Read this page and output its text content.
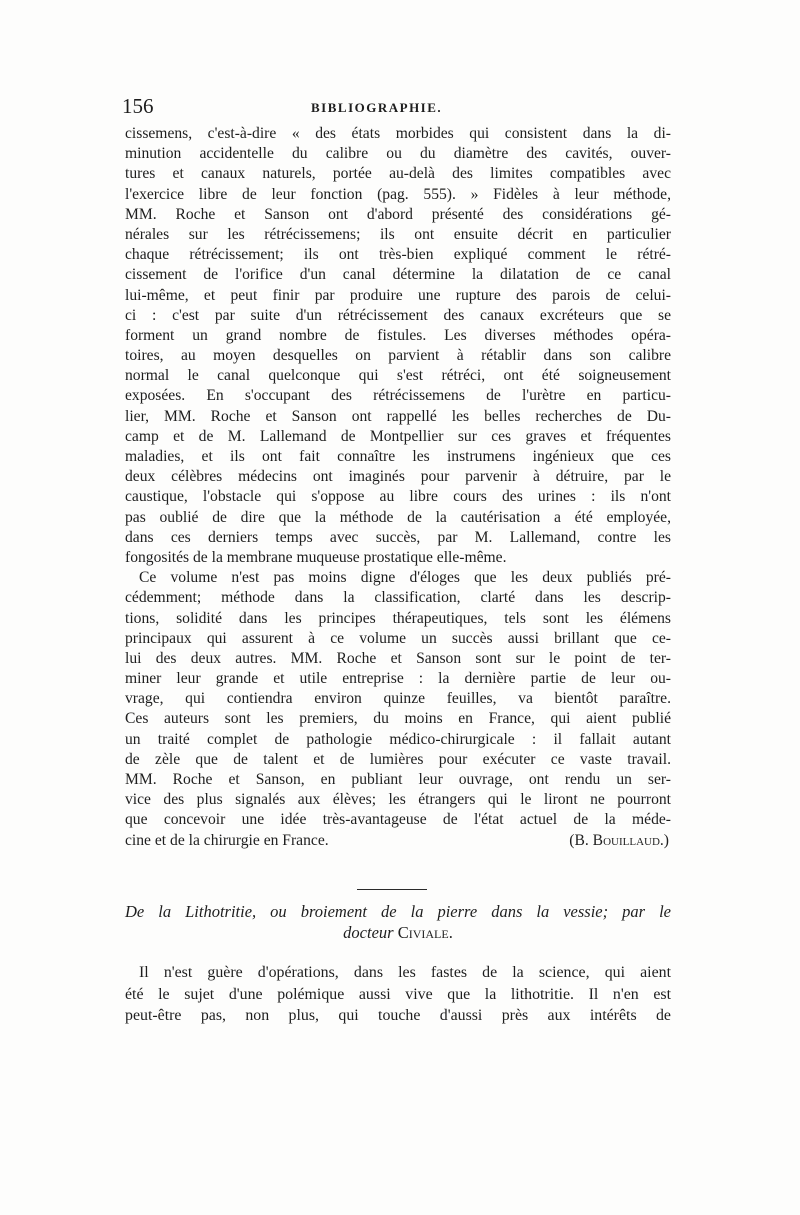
156	BIBLIOGRAPHIE.
cissemens, c'est-à-dire « des états morbides qui consistent dans la di-
minution accidentelle du calibre ou du diamètre des cavités, ouver-
tures et canaux naturels, portée au-delà des limites compatibles avec
l'exercice libre de leur fonction (pag. 555). » Fidèles à leur méthode,
MM. Roche et Sanson ont d'abord présenté des considérations gé-
nérales sur les rétrécissemens; ils ont ensuite décrit en particulier
chaque rétrécissement; ils ont très-bien expliqué comment le rétré-
cissement de l'orifice d'un canal détermine la dilatation de ce canal
lui-même, et peut finir par produire une rupture des parois de celui-
ci : c'est par suite d'un rétrécissement des canaux excréteurs que se
forment un grand nombre de fistules. Les diverses méthodes opéra-
toires, au moyen desquelles on parvient à rétablir dans son calibre
normal le canal quelconque qui s'est rétréci, ont été soigneusement
exposées. En s'occupant des rétrécissemens de l'urètre en particu-
lier, MM. Roche et Sanson ont rappellé les belles recherches de Du-
camp et de M. Lallemand de Montpellier sur ces graves et fréquentes
maladies, et ils ont fait connaître les instrumens ingénieux que ces
deux célèbres médecins ont imaginés pour parvenir à détruire, par le
caustique, l'obstacle qui s'oppose au libre cours des urines : ils n'ont
pas oublié de dire que la méthode de la cautérisation a été employée,
dans ces derniers temps avec succès, par M. Lallemand, contre les
fongosités de la membrane muqueuse prostatique elle-même.
Ce volume n'est pas moins digne d'éloges que les deux publiés pré-
cédemment; méthode dans la classification, clarté dans les descrip-
tions, solidité dans les principes thérapeutiques, tels sont les élémens
principaux qui assurent à ce volume un succès aussi brillant que ce-
lui des deux autres. MM. Roche et Sanson sont sur le point de ter-
miner leur grande et utile entreprise : la dernière partie de leur ou-
vrage, qui contiendra environ quinze feuilles, va bientôt paraître.
Ces auteurs sont les premiers, du moins en France, qui aient publié
un traité complet de pathologie médico-chirurgicale : il fallait autant
de zèle que de talent et de lumières pour exécuter ce vaste travail.
MM. Roche et Sanson, en publiant leur ouvrage, ont rendu un ser-
vice des plus signalés aux élèves; les étrangers qui le liront ne pourront
que concevoir une idée très-avantageuse de l'état actuel de la méde-
cine et de la chirurgie en France.	(B. Bouillaud.)
De la Lithotritie, ou broiement de la pierre dans la vessie; par le
docteur Civiale.
Il n'est guère d'opérations, dans les fastes de la science, qui aient
été le sujet d'une polémique aussi vive que la lithotritie. Il n'en est
peut-être pas, non plus, qui touche d'aussi près aux intérêts de
